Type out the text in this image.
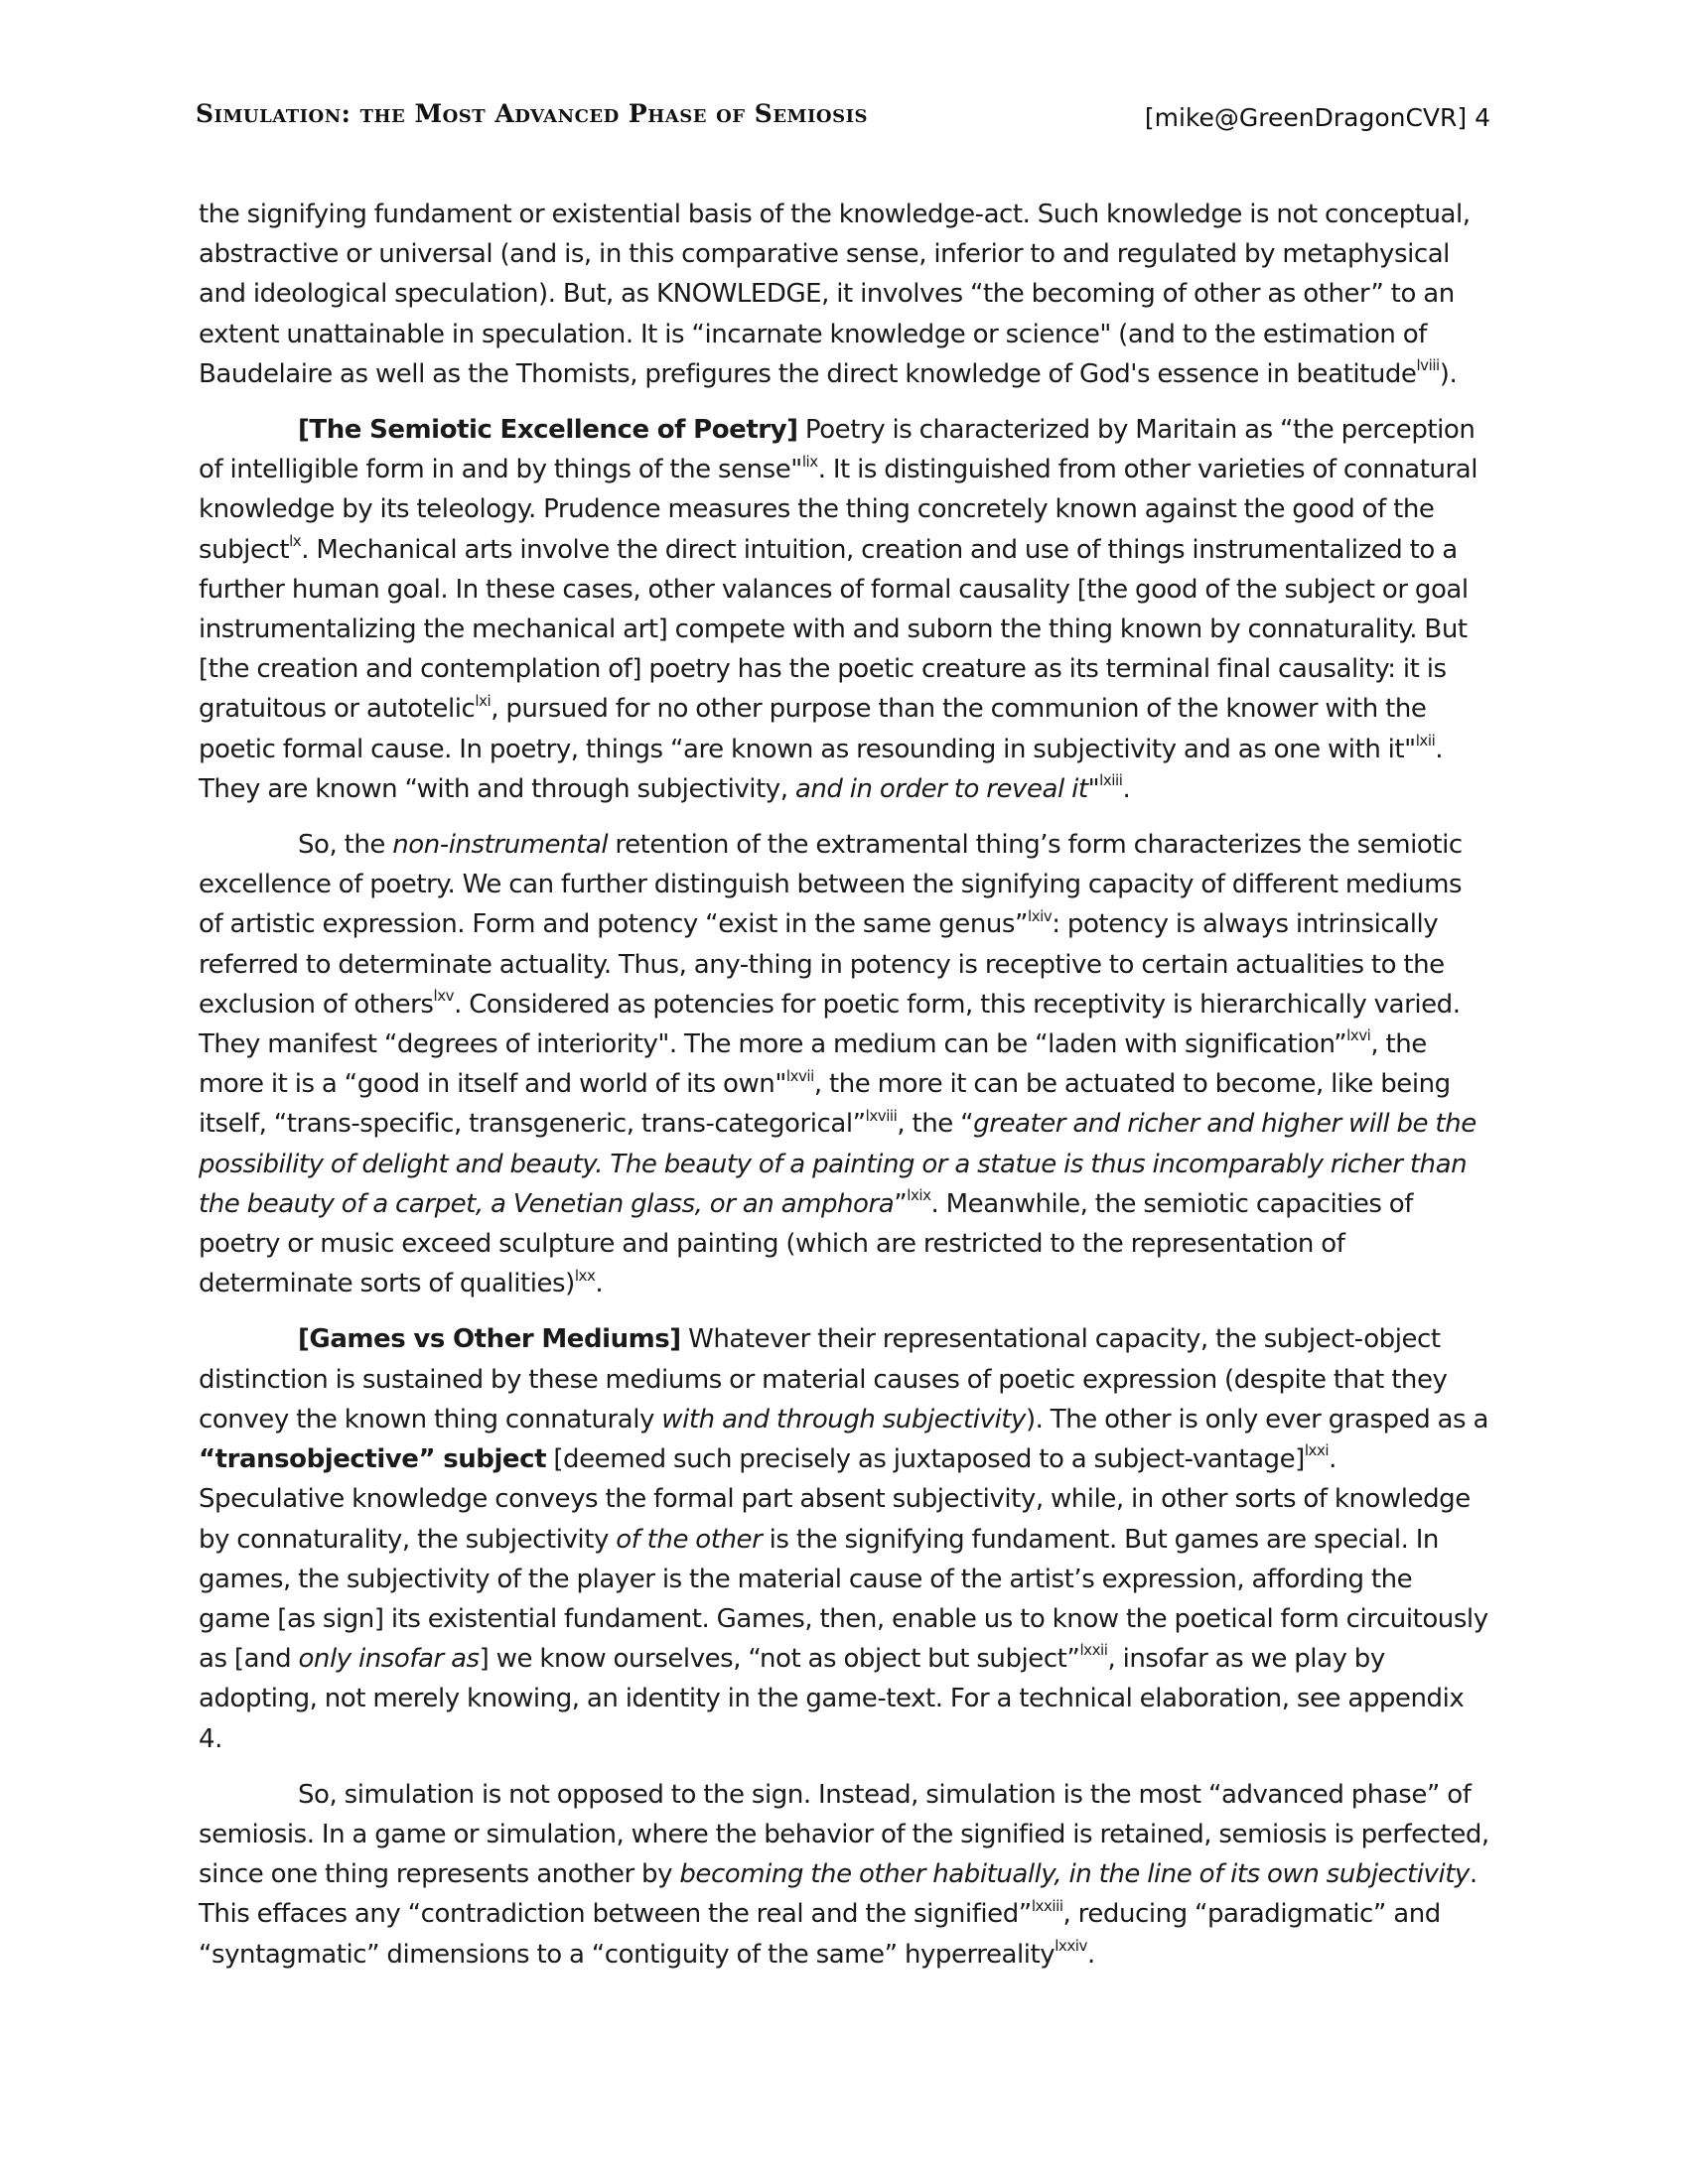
Simulation: the Most Advanced Phase of Semiosis	[mike@GreenDragonCVR] 4

the signifying fundament or existential basis of the knowledge-act. Such knowledge is not conceptual, abstractive or universal (and is, in this comparative sense, inferior to and regulated by metaphysical and ideological speculation). But, as KNOWLEDGE, it involves “the becoming of other as other” to an extent unattainable in speculation. It is “incarnate knowledge or science" (and to the estimation of Baudelaire as well as the Thomists, prefigures the direct knowledge of God's essence in beatitude$^{lviii}$).

[The Semiotic Excellence of Poetry] Poetry is characterized by Maritain as “the perception of intelligible form in and by things of the sense"$^{lix}$. It is distinguished from other varieties of connatural knowledge by its teleology. Prudence measures the thing concretely known against the good of the subject$^{lx}$. Mechanical arts involve the direct intuition, creation and use of things instrumentalized to a further human goal. In these cases, other valances of formal causality [the good of the subject or goal instrumentalizing the mechanical art] compete with and suborn the thing known by connaturality. But [the creation and contemplation of] poetry has the poetic creature as its terminal final causality: it is gratuitous or autotelic$^{lxi}$, pursued for no other purpose than the communion of the knower with the poetic formal cause. In poetry, things “are known as resounding in subjectivity and as one with it"$^{lxii}$. They are known “with and through subjectivity, and in order to reveal it"$^{lxiii}$.

So, the non-instrumental retention of the extramental thing’s form characterizes the semiotic excellence of poetry. We can further distinguish between the signifying capacity of different mediums of artistic expression. Form and potency “exist in the same genus”$^{lxiv}$: potency is always intrinsically referred to determinate actuality. Thus, any-thing in potency is receptive to certain actualities to the exclusion of others$^{lxv}$. Considered as potencies for poetic form, this receptivity is hierarchically varied. They manifest “degrees of interiority". The more a medium can be “laden with signification”$^{lxvi}$, the more it is a “good in itself and world of its own"$^{lxvii}$, the more it can be actuated to become, like being itself, “trans-specific, transgeneric, trans-categorical”$^{lxviii}$, the “greater and richer and higher will be the possibility of delight and beauty. The beauty of a painting or a statue is thus incomparably richer than the beauty of a carpet, a Venetian glass, or an amphora”$^{lxix}$. Meanwhile, the semiotic capacities of poetry or music exceed sculpture and painting (which are restricted to the representation of determinate sorts of qualities)$^{lxx}$.

[Games vs Other Mediums] Whatever their representational capacity, the subject-object distinction is sustained by these mediums or material causes of poetic expression (despite that they convey the known thing connaturaly with and through subjectivity). The other is only ever grasped as a “transobjective” subject [deemed such precisely as juxtaposed to a subject-vantage]$^{lxxi}$. Speculative knowledge conveys the formal part absent subjectivity, while, in other sorts of knowledge by connaturality, the subjectivity of the other is the signifying fundament. But games are special. In games, the subjectivity of the player is the material cause of the artist’s expression, affording the game [as sign] its existential fundament. Games, then, enable us to know the poetical form circuitously as [and only insofar as] we know ourselves, “not as object but subject”$^{lxxii}$, insofar as we play by adopting, not merely knowing, an identity in the game-text. For a technical elaboration, see appendix 4.

So, simulation is not opposed to the sign. Instead, simulation is the most “advanced phase” of semiosis. In a game or simulation, where the behavior of the signified is retained, semiosis is perfected, since one thing represents another by becoming the other habitually, in the line of its own subjectivity. This effaces any “contradiction between the real and the signified”$^{lxxiii}$, reducing “paradigmatic” and “syntagmatic” dimensions to a “contiguity of the same” hyperreality$^{lxxiv}$.
